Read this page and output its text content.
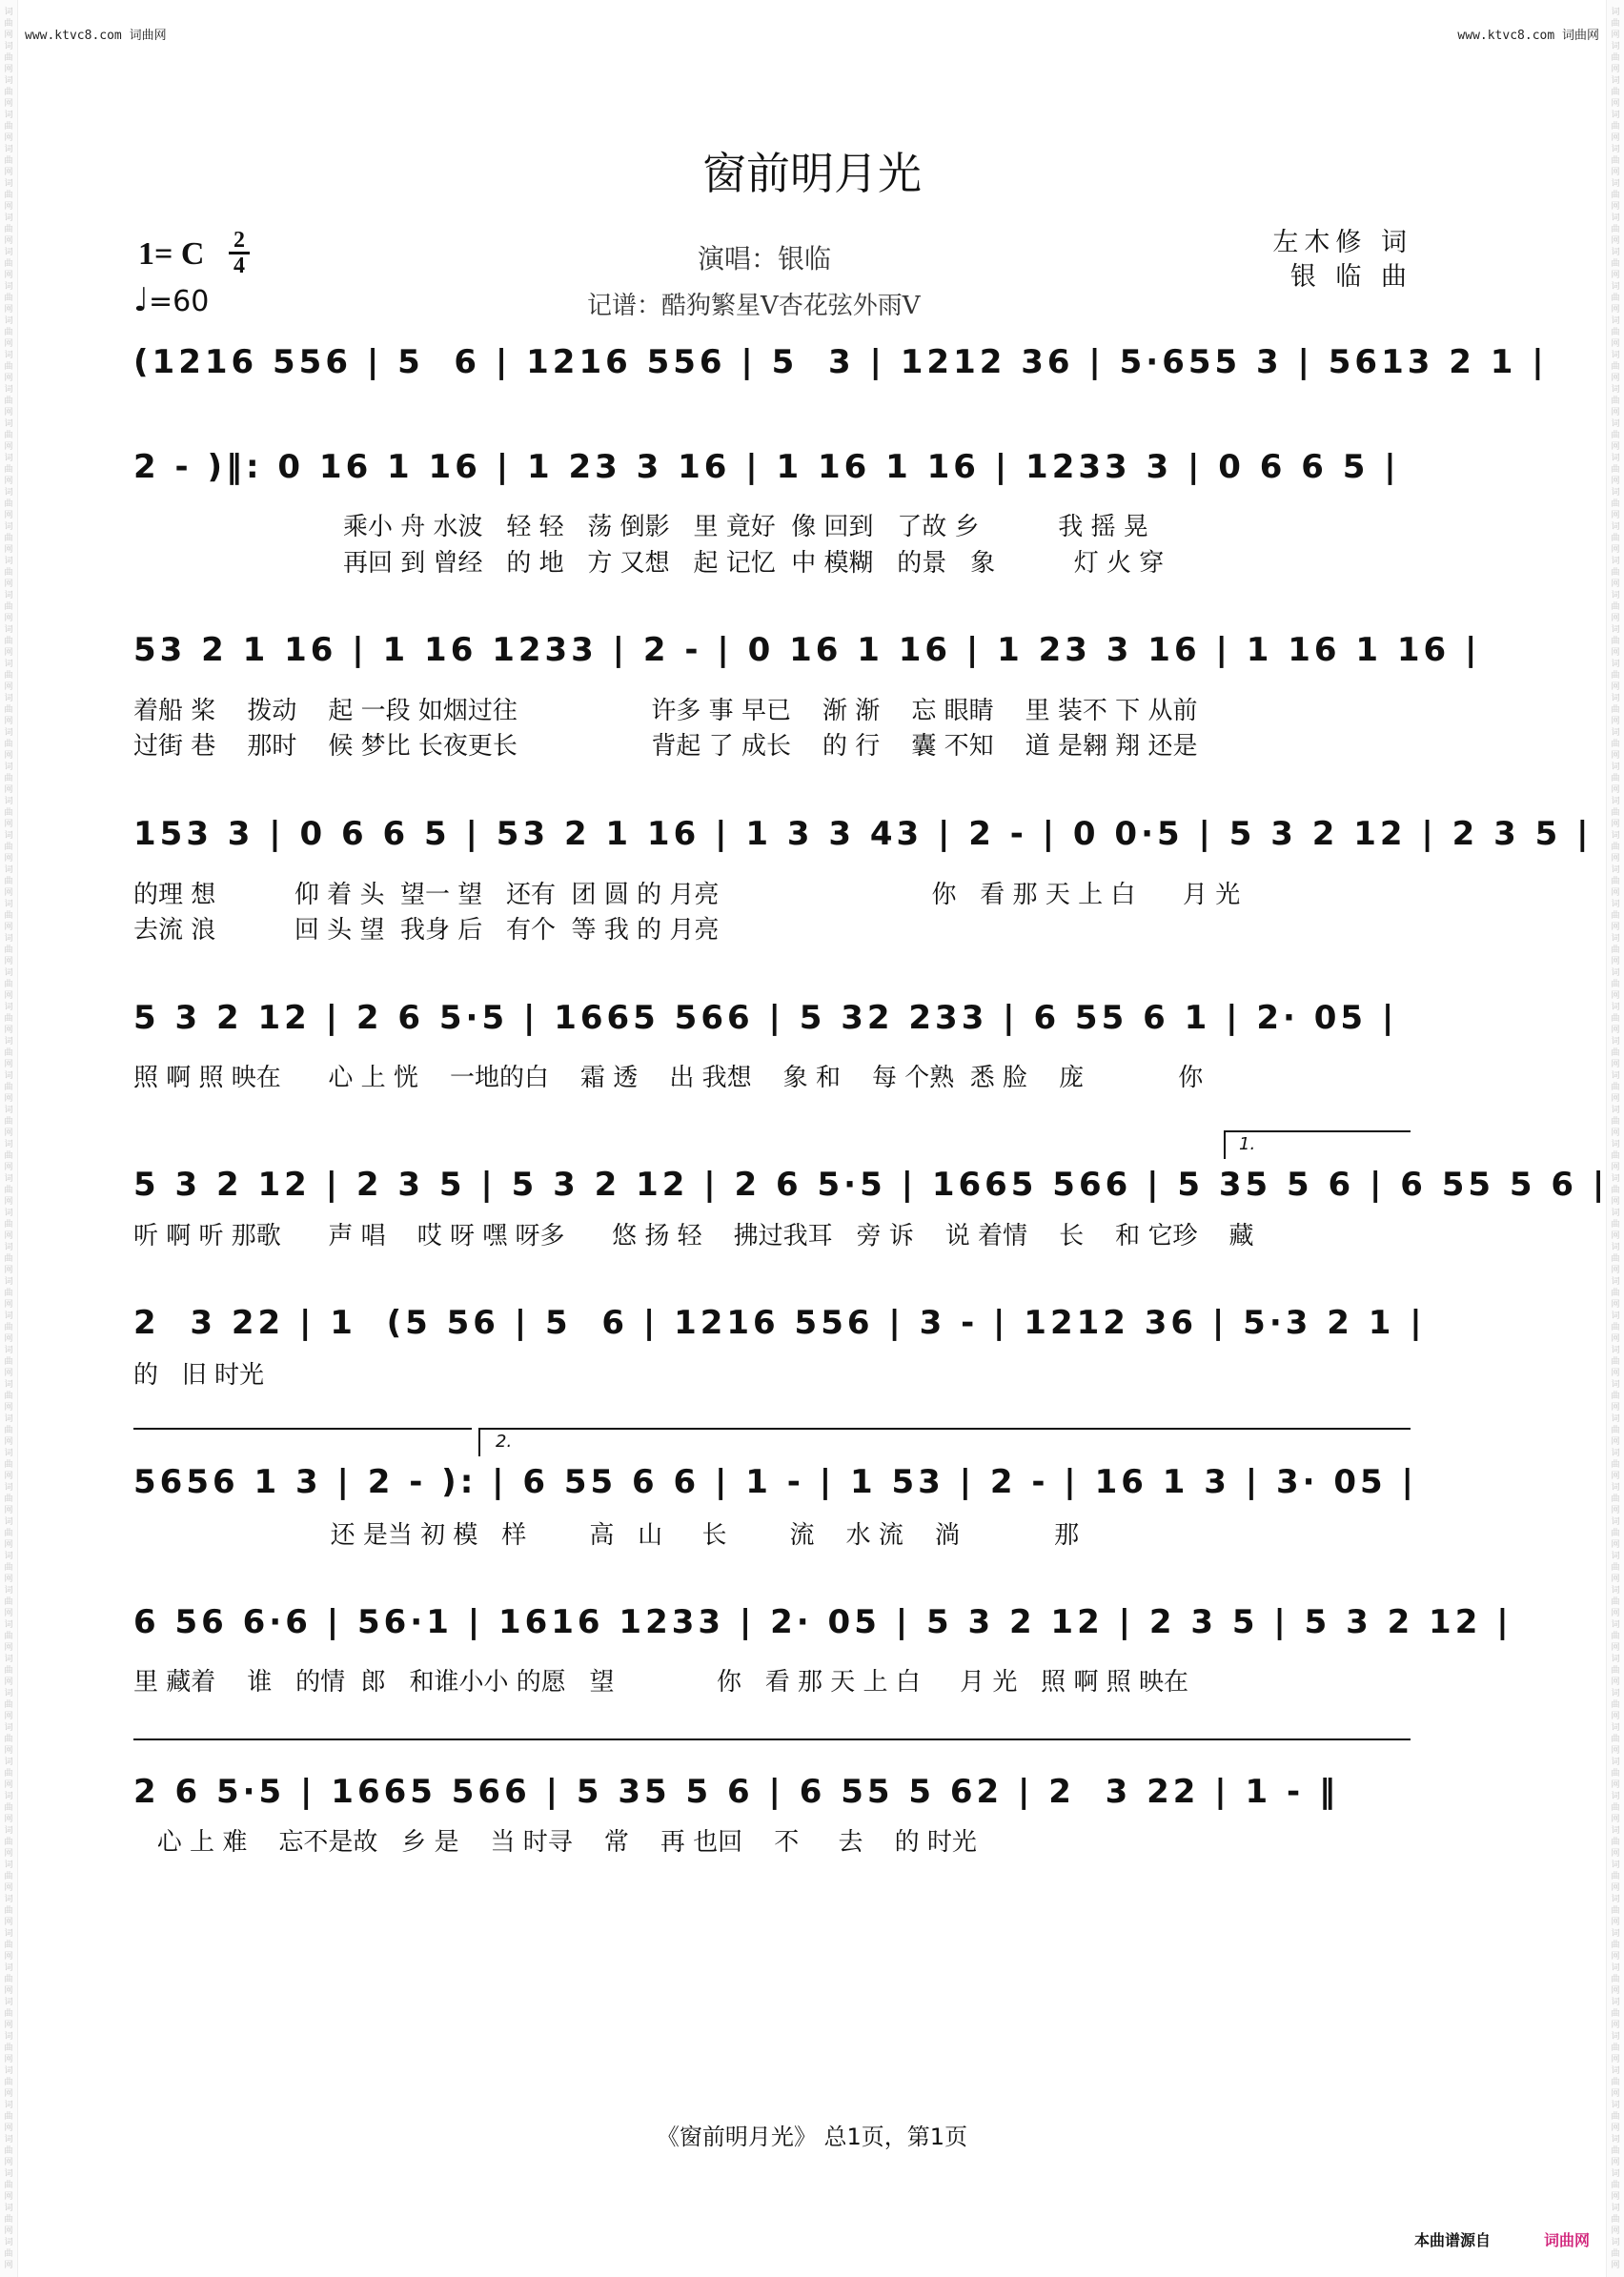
词
曲
网
词
曲
网
词
曲
网
词
曲
网
词
曲
网
词
曲
网
词
曲
网
词
曲
网
词
曲
网
词
曲
网
词
曲
网
词
曲
网
词
曲
网
词
曲
网
词
曲
网
词
曲
网
词
曲
网
词
曲
网
词
曲
网
词
曲
网
词
曲
网
词
曲
网
词
曲
网
词
曲
网
词
曲
网
词
曲
网
词
曲
网
词
曲
网
词
曲
网
词
曲
网
词
曲
网
词
曲
网
词
曲
网
词
曲
网
词
曲
网
词
曲
网
词
曲
网
词
曲
网
词
曲
网
词
曲
网
词
曲
网
词
曲
网
词
曲
网
词
曲
网
词
曲
网
词
曲
网
词
曲
网
词
曲
网
词
曲
网
词
曲
网
词
曲
网
词
曲
网
词
曲
网
词
曲
网
词
曲
网
词
曲
网
词
曲
网
词
曲
网
词
曲
网
词
曲
网
词
曲
网
词
曲
网
词
曲
网
词
曲
网
词
曲
网
词
曲
网
词
曲
网
词
曲
网
词
曲
网
词
曲
网
词
曲
网
词
曲
网
词
曲
网
词
曲
网
词
曲
网
词
曲
网
词
曲
网
词
曲
网
词
曲
网
词
曲
网
词
曲
网
词
曲
网
词
曲
网
词
曲
网
词
曲
网
词
曲
网
词
曲
网
词
曲
网
词
曲
网
词
曲
网
词
曲
网
词
曲
网
词
曲
网
词
曲
网
词
曲
网
词
曲
网
词
曲
网
词
曲
网
词
曲
网
词
曲
网
词
曲
网
词
曲
网
词
曲
网
词
曲
网
词
曲
网
词
曲
网
词
曲
网
词
曲
网
词
曲
网
词
曲
网
词
曲
网
词
曲
网
词
曲
网
词
曲
网
词
曲
网
词
曲
网
词
曲
网
词
曲
网
词
曲
网
词
曲
网
词
曲
网
词
曲
网
词
曲
网
词
曲
网
词
曲
网
词
曲
网
词
曲
网
词
曲
网
词
曲
网
词
曲
网
词
曲
网
词
曲
网
www.ktvc8.com 词曲网	www.ktvc8.com 词曲网
窗前明月光
1= C 2
4
♩=60
演唱：银临
记谱：酷狗繁星V杏花弦外雨V
左木修 词
银 临 曲
(1216 556 | 5  6 | 1216 556 | 5  3 | 1212 36 | 5·655 3 | 5613 2 1 |
2 - )‖: 0 16 1 16 | 1 23 3 16 | 1 16 1 16 | 1233 3 | 0 6 6 5 |
乘小 舟 水波   轻 轻   荡 倒影   里 竟好  像 回到   了故 乡          我 摇 晃
再回 到 曾经   的 地   方 又想   起 记忆  中 模糊   的景   象          灯 火 穿
53 2 1 16 | 1 16 1233 | 2 - | 0 16 1 16 | 1 23 3 16 | 1 16 1 16 |
着船 桨    拨动    起 一段 如烟过往                 许多 事 早已    渐 渐    忘 眼睛    里 装不 下 从前
过街 巷    那时    候 梦比 长夜更长                 背起 了 成长    的 行    囊 不知    道 是翱 翔 还是
153 3 | 0 6 6 5 | 53 2 1 16 | 1 3 3 43 | 2 - | 0 0·5 | 5 3 2 12 | 2 3 5 |
的理 想          仰 着 头  望一 望   还有  团 圆 的 月亮                           你   看 那 天 上 白      月 光
去流 浪          回 头 望  我身 后   有个  等 我 的 月亮
5 3 2 12 | 2 6 5·5 | 1665 566 | 5 32 233 | 6 55 6 1 | 2· 05 |
照 啊 照 映在      心 上 恍    一地的白    霜 透    出 我想    象 和    每 个熟  悉 脸    庞            你
1.
5 3 2 12 | 2 3 5 | 5 3 2 12 | 2 6 5·5 | 1665 566 | 5 35 5 6 | 6 55 5 6 |
听 啊 听 那歌      声 唱    哎 呀 嘿 呀多      悠 扬 轻    拂过我耳   旁 诉    说 着情    长    和 它珍    藏
2  3 22 | 1  (5 56 | 5  6 | 1216 556 | 3 - | 1212 36 | 5·3 2 1 |
的   旧 时光
2.
5656 1 3 | 2 - ): | 6 55 6 6 | 1 - | 1 53 | 2 - | 16 1 3 | 3· 05 |
还 是当 初 模   样        高   山     长        流    水 流    淌            那
6 56 6·6 | 56·1 | 1616 1233 | 2· 05 | 5 3 2 12 | 2 3 5 | 5 3 2 12 |
里 藏着    谁   的情  郎   和谁小小 的愿   望             你   看 那 天 上 白     月 光   照 啊 照 映在
2 6 5·5 | 1665 566 | 5 35 5 6 | 6 55 5 62 | 2  3 22 | 1 - ‖
心 上 难    忘不是故   乡 是    当 时寻    常    再 也回    不     去    的 时光
《窗前明月光》 总1页，第1页
本曲谱源自	词曲网
